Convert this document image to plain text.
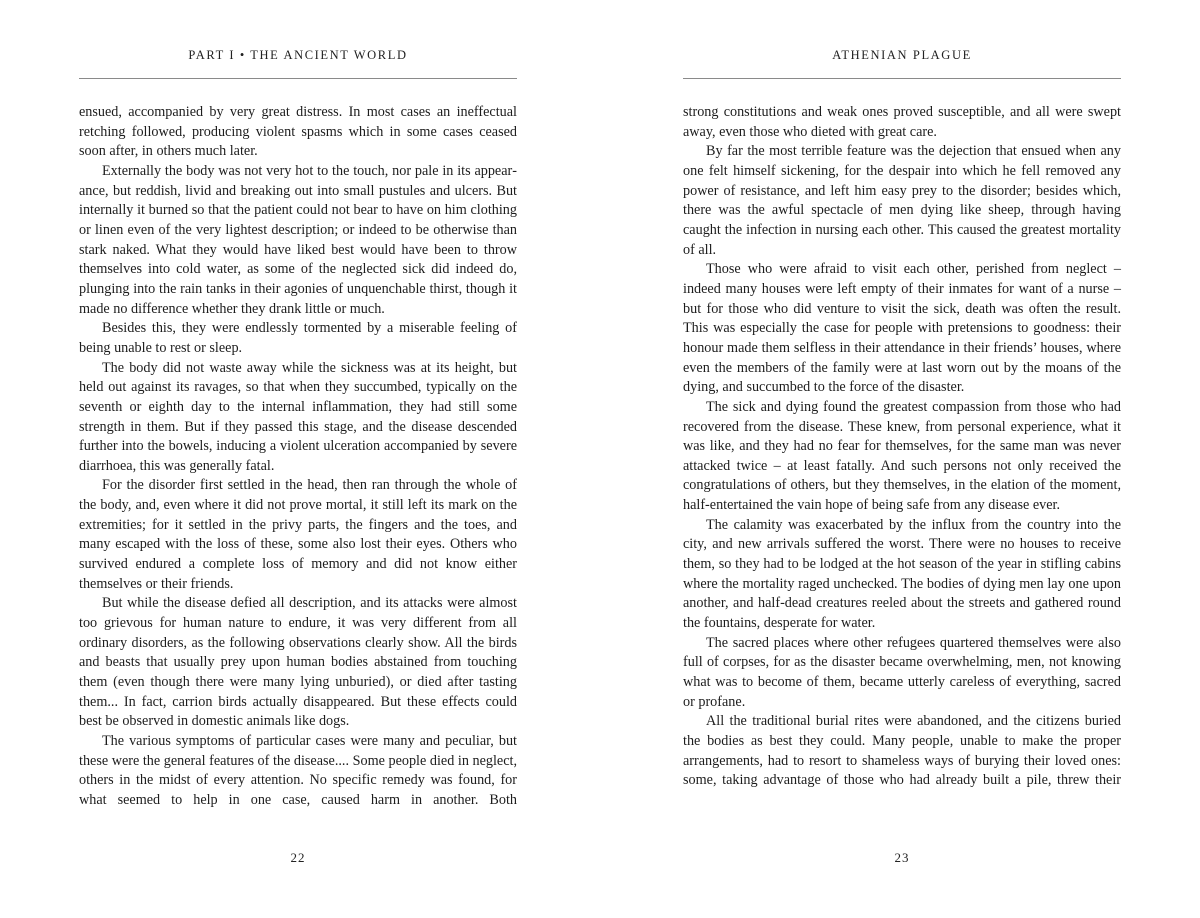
PART I • THE ANCIENT WORLD

ensued, accompanied by very great distress. In most cases an ineffectual retching followed, producing violent spasms which in some cases ceased soon after, in others much later.

Externally the body was not very hot to the touch, nor pale in its appearance, but reddish, livid and breaking out into small pustules and ulcers. But internally it burned so that the patient could not bear to have on him clothing or linen even of the very lightest description; or indeed to be otherwise than stark naked. What they would have liked best would have been to throw themselves into cold water, as some of the neglected sick did indeed do, plunging into the rain tanks in their agonies of unquenchable thirst, though it made no difference whether they drank little or much.

Besides this, they were endlessly tormented by a miserable feeling of being unable to rest or sleep.

The body did not waste away while the sickness was at its height, but held out against its ravages, so that when they succumbed, typically on the seventh or eighth day to the internal inflammation, they had still some strength in them. But if they passed this stage, and the disease descended further into the bowels, inducing a violent ulceration accompanied by severe diarrhoea, this was generally fatal.

For the disorder first settled in the head, then ran through the whole of the body, and, even where it did not prove mortal, it still left its mark on the extremities; for it settled in the privy parts, the fingers and the toes, and many escaped with the loss of these, some also lost their eyes. Others who survived endured a complete loss of memory and did not know either themselves or their friends.

But while the disease defied all description, and its attacks were almost too grievous for human nature to endure, it was very different from all ordinary disorders, as the following observations clearly show. All the birds and beasts that usually prey upon human bodies abstained from touching them (even though there were many lying unburied), or died after tasting them... In fact, carrion birds actually disappeared. But these effects could best be observed in domestic animals like dogs.

The various symptoms of particular cases were many and peculiar, but these were the general features of the disease.... Some people died in neglect, others in the midst of every attention. No specific remedy was found, for what seemed to help in one case, caused harm in another. Both

22
ATHENIAN PLAGUE

strong constitutions and weak ones proved susceptible, and all were swept away, even those who dieted with great care.

By far the most terrible feature was the dejection that ensued when any one felt himself sickening, for the despair into which he fell removed any power of resistance, and left him easy prey to the disorder; besides which, there was the awful spectacle of men dying like sheep, through having caught the infection in nursing each other. This caused the greatest mortality of all.

Those who were afraid to visit each other, perished from neglect – indeed many houses were left empty of their inmates for want of a nurse – but for those who did venture to visit the sick, death was often the result. This was especially the case for people with pretensions to goodness: their honour made them selfless in their attendance in their friends’ houses, where even the members of the family were at last worn out by the moans of the dying, and succumbed to the force of the disaster.

The sick and dying found the greatest compassion from those who had recovered from the disease. These knew, from personal experience, what it was like, and they had no fear for themselves, for the same man was never attacked twice – at least fatally. And such persons not only received the congratulations of others, but they themselves, in the elation of the moment, half-entertained the vain hope of being safe from any disease ever.

The calamity was exacerbated by the influx from the country into the city, and new arrivals suffered the worst. There were no houses to receive them, so they had to be lodged at the hot season of the year in stifling cabins where the mortality raged unchecked. The bodies of dying men lay one upon another, and half-dead creatures reeled about the streets and gathered round the fountains, desperate for water.

The sacred places where other refugees quartered themselves were also full of corpses, for as the disaster became overwhelming, men, not knowing what was to become of them, became utterly careless of everything, sacred or profane.

All the traditional burial rites were abandoned, and the citizens buried the bodies as best they could. Many people, unable to make the proper arrangements, had to resort to shameless ways of burying their loved ones: some, taking advantage of those who had already built a pile, threw their

23
